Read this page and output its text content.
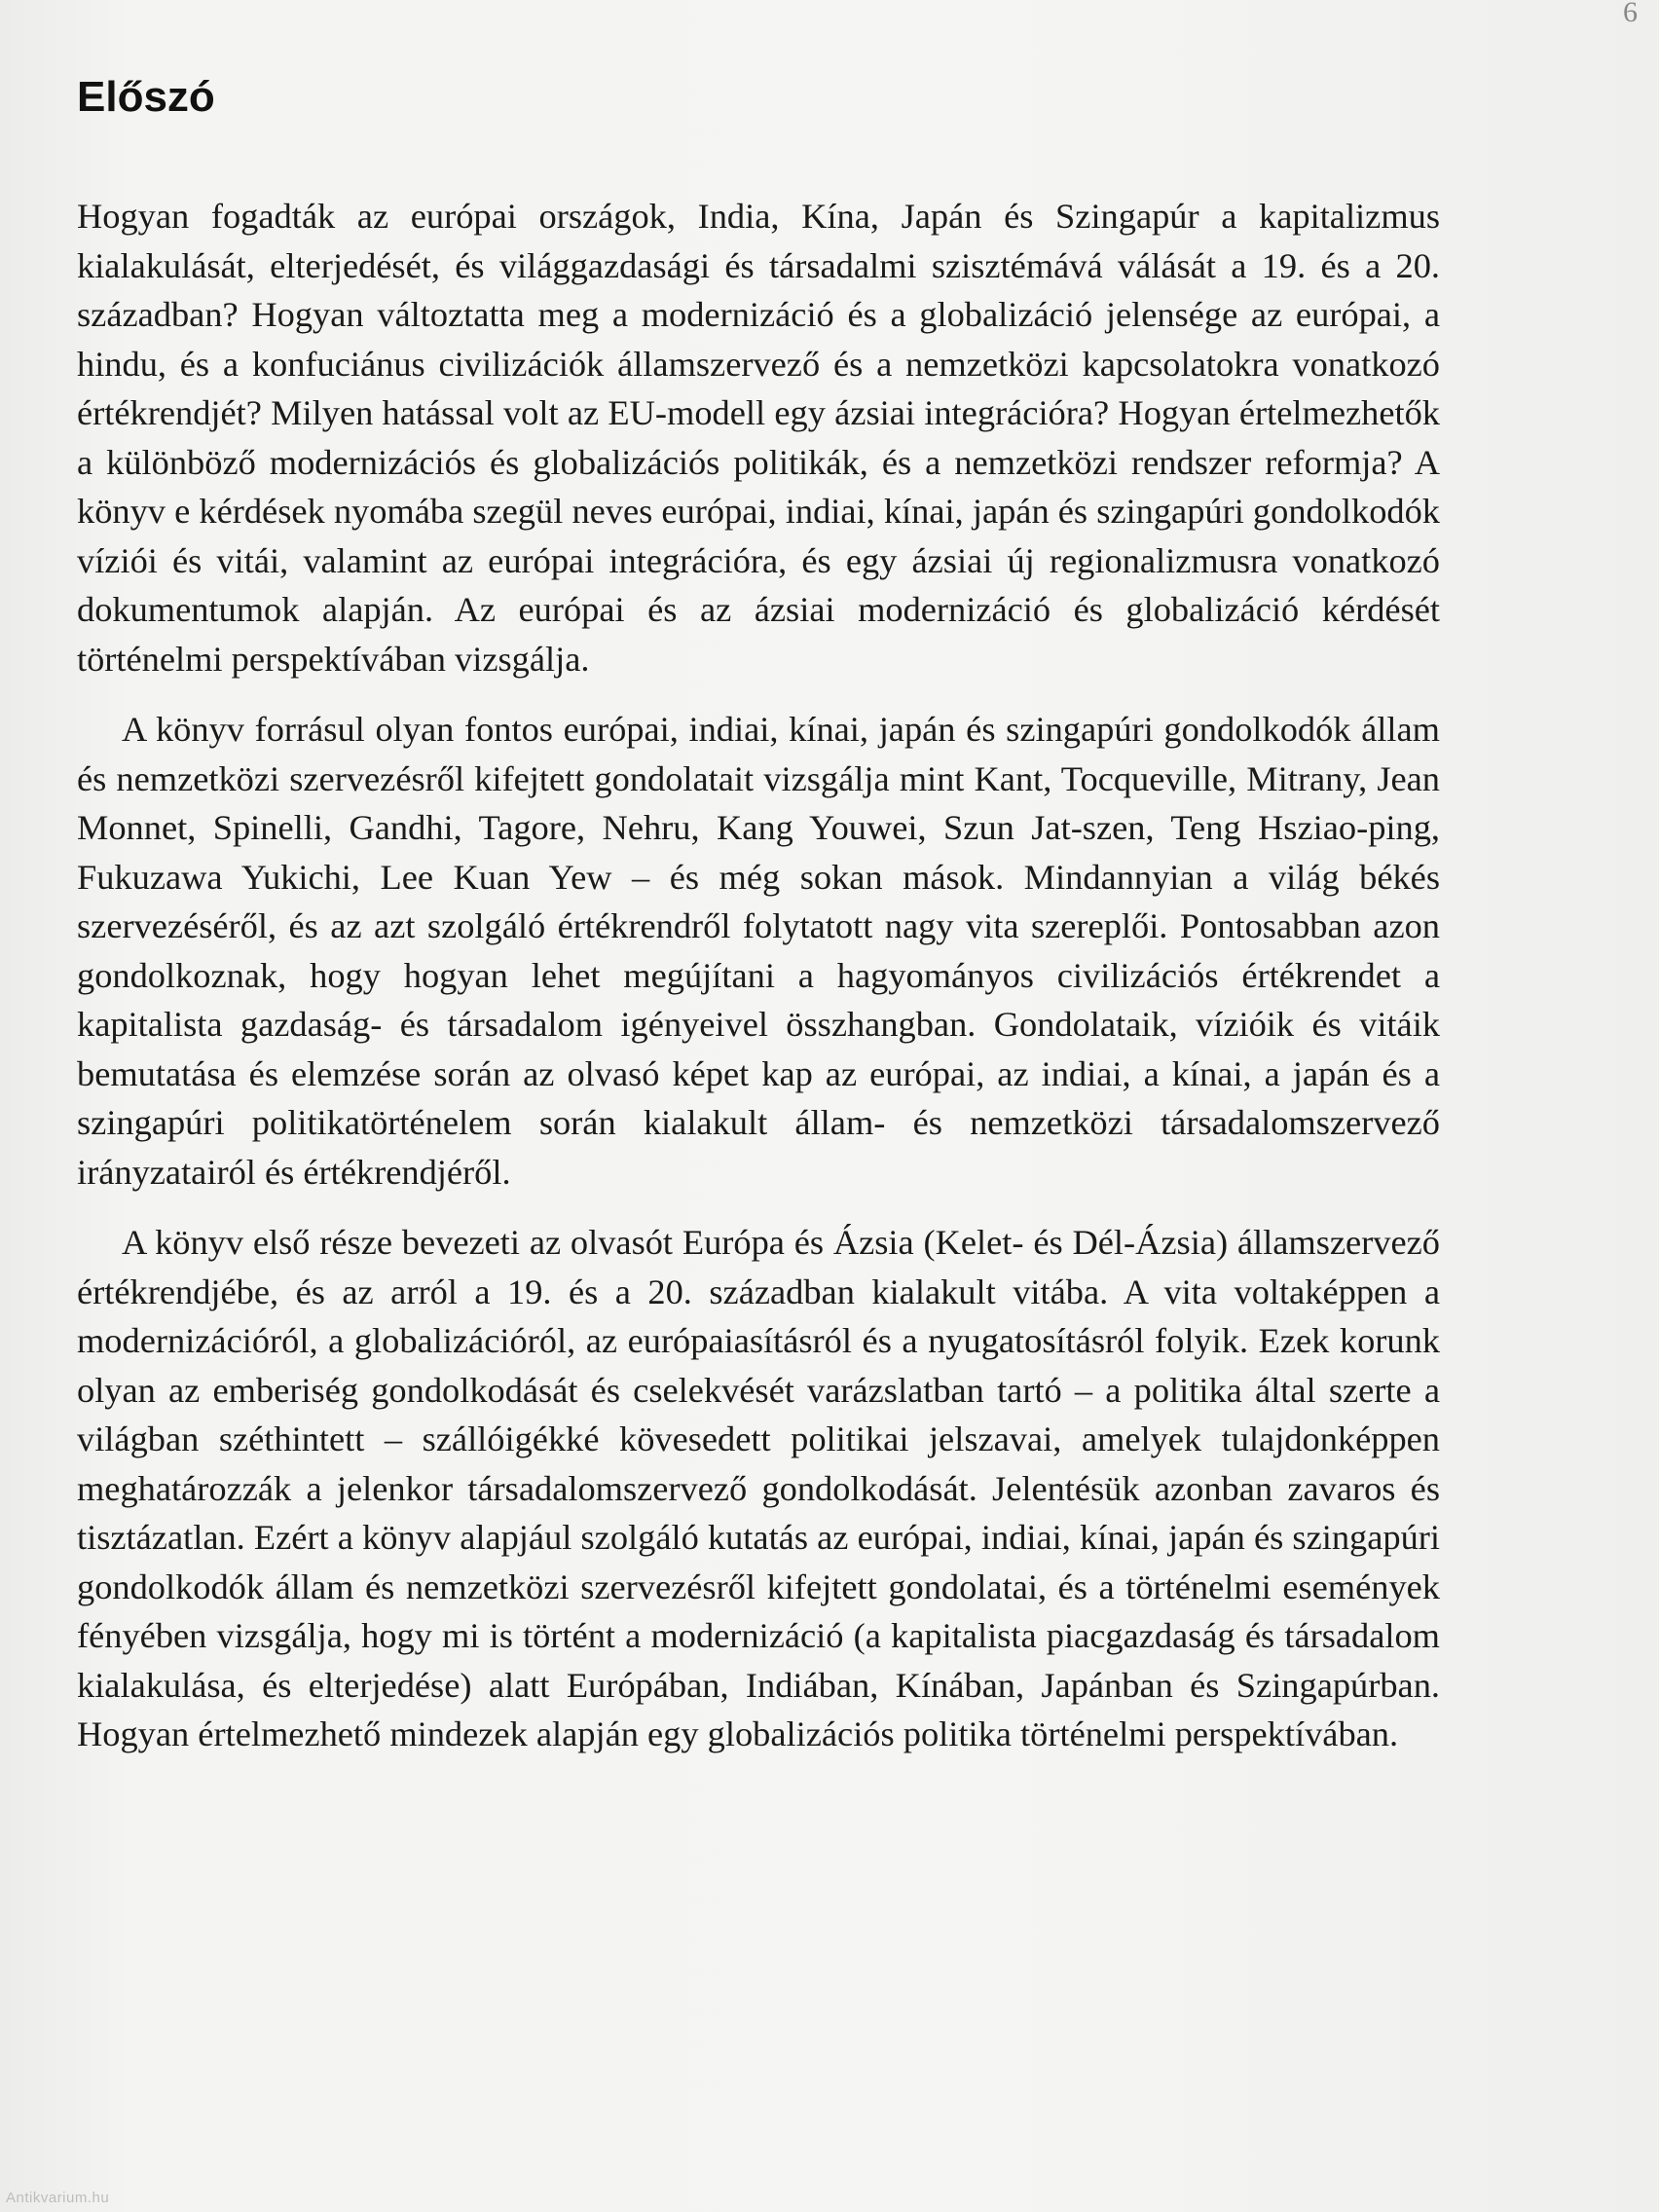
6
Előszó

Hogyan fogadták az európai országok, India, Kína, Japán és Szingapúr a kapitalizmus kialakulását, elterjedését, és világgazdasági és társadalmi szisztémává válását a 19. és a 20. században? Hogyan változtatta meg a modernizáció és a globalizáció jelensége az európai, a hindu, és a konfuciánus civilizációk államszervező és a nemzetközi kapcsolatokra vonatkozó értékrendjét? Milyen hatással volt az EU-modell egy ázsiai integrációra? Hogyan értelmezhetők a különböző modernizációs és globalizációs politikák, és a nemzetközi rendszer reformja? A könyv e kérdések nyomába szegül neves európai, indiai, kínai, japán és szingapúri gondolkodók víziói és vitái, valamint az európai integrációra, és egy ázsiai új regionalizmusra vonatkozó dokumentumok alapján. Az európai és az ázsiai modernizáció és globalizáció kérdését történelmi perspektívában vizsgálja.

A könyv forrásul olyan fontos európai, indiai, kínai, japán és szingapúri gondolkodók állam és nemzetközi szervezésről kifejtett gondolatait vizsgálja mint Kant, Tocqueville, Mitrany, Jean Monnet, Spinelli, Gandhi, Tagore, Nehru, Kang Youwei, Szun Jat-szen, Teng Hsziao-ping, Fukuzawa Yukichi, Lee Kuan Yew – és még sokan mások. Mindannyian a világ békés szervezéséről, és az azt szolgáló értékrendről folytatott nagy vita szereplői. Pontosabban azon gondolkoznak, hogy hogyan lehet megújítani a hagyományos civilizációs értékrendet a kapitalista gazdaság- és társadalom igényeivel összhangban. Gondolataik, vízióik és vitáik bemutatása és elemzése során az olvasó képet kap az európai, az indiai, a kínai, a japán és a szingapúri politikatörténelem során kialakult állam- és nemzetközi társadalomszervező irányzatairól és értékrendjéről.

A könyv első része bevezeti az olvasót Európa és Ázsia (Kelet- és Dél-Ázsia) államszervező értékrendjébe, és az arról a 19. és a 20. században kialakult vitába. A vita voltaképpen a modernizációról, a globalizációról, az európaiasításról és a nyugatosításról folyik. Ezek korunk olyan az emberiség gondolkodását és cselekvését varázslatban tartó – a politika által szerte a világban széthintett – szállóigékké kövesedett politikai jelszavai, amelyek tulajdonképpen meghatározzák a jelenkor társadalomszervező gondolkodását. Jelentésük azonban zavaros és tisztázatlan. Ezért a könyv alapjául szolgáló kutatás az európai, indiai, kínai, japán és szingapúri gondolkodók állam és nemzetközi szervezésről kifejtett gondolatai, és a történelmi események fényében vizsgálja, hogy mi is történt a modernizáció (a kapitalista piacgazdaság és társadalom kialakulása, és elterjedése) alatt Európában, Indiában, Kínában, Japánban és Szingapúrban. Hogyan értelmezhető mindezek alapján egy globalizációs politika történelmi perspektívában.

Antikvarium.hu
